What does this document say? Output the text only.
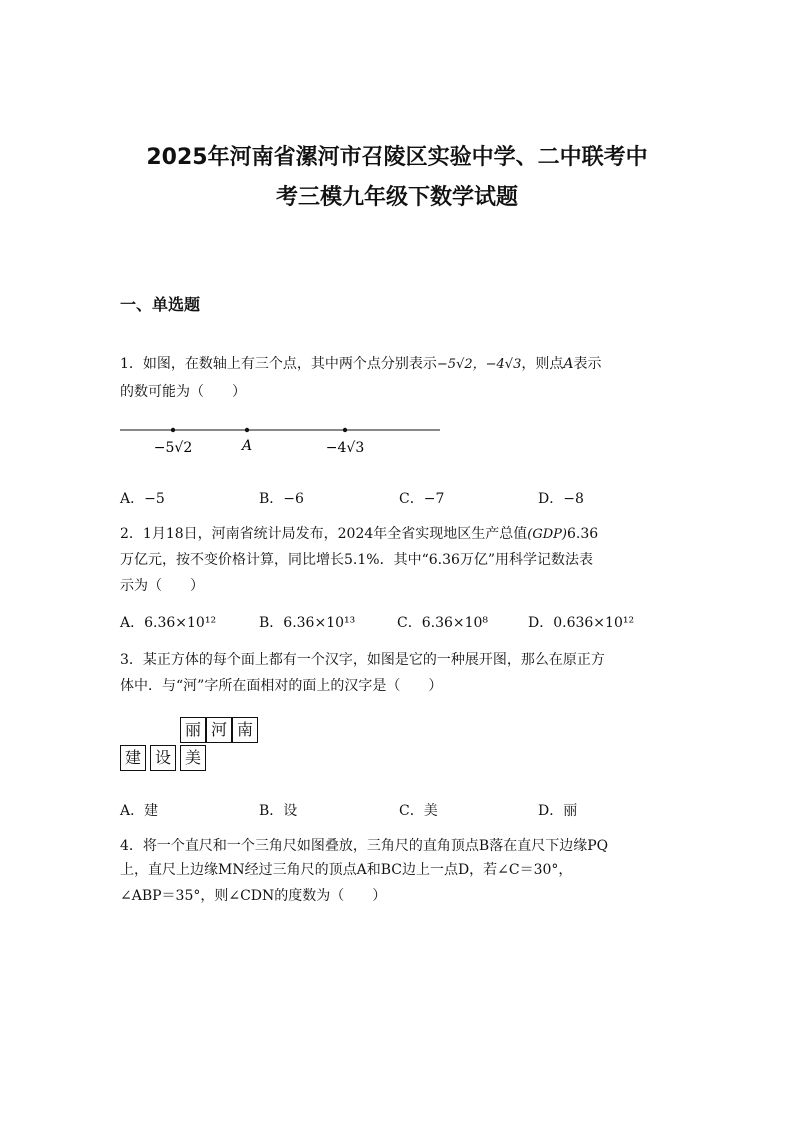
2025年河南省漯河市召陵区实验中学、二中联考中
考三模九年级下数学试题
一、单选题
1．如图，在数轴上有三个点，其中两个点分别表示−5√2，−4√3，则点A表示
的数可能为（　　）
−5√2	A	−4√3
A．−5	B．−6	C．−7	D．−8
2．1月18日，河南省统计局发布，2024年全省实现地区生产总值(GDP)6.36
万亿元，按不变价格计算，同比增长5.1%．其中“6.36万亿”用科学记数法表
示为（　　）
A．6.36×10¹²	B．6.36×10¹³	C．6.36×10⁸	D．0.636×10¹²
3．某正方体的每个面上都有一个汉字，如图是它的一种展开图，那么在原正方
体中．与“河”字所在面相对的面上的汉字是（　　）
丽 河 南
建 设 美
A．建	B．设	C．美	D．丽
4．将一个直尺和一个三角尺如图叠放，三角尺的直角顶点B落在直尺下边缘PQ
上，直尺上边缘MN经过三角尺的顶点A和BC边上一点D，若∠C＝30°，
∠ABP＝35°，则∠CDN的度数为（　　）
